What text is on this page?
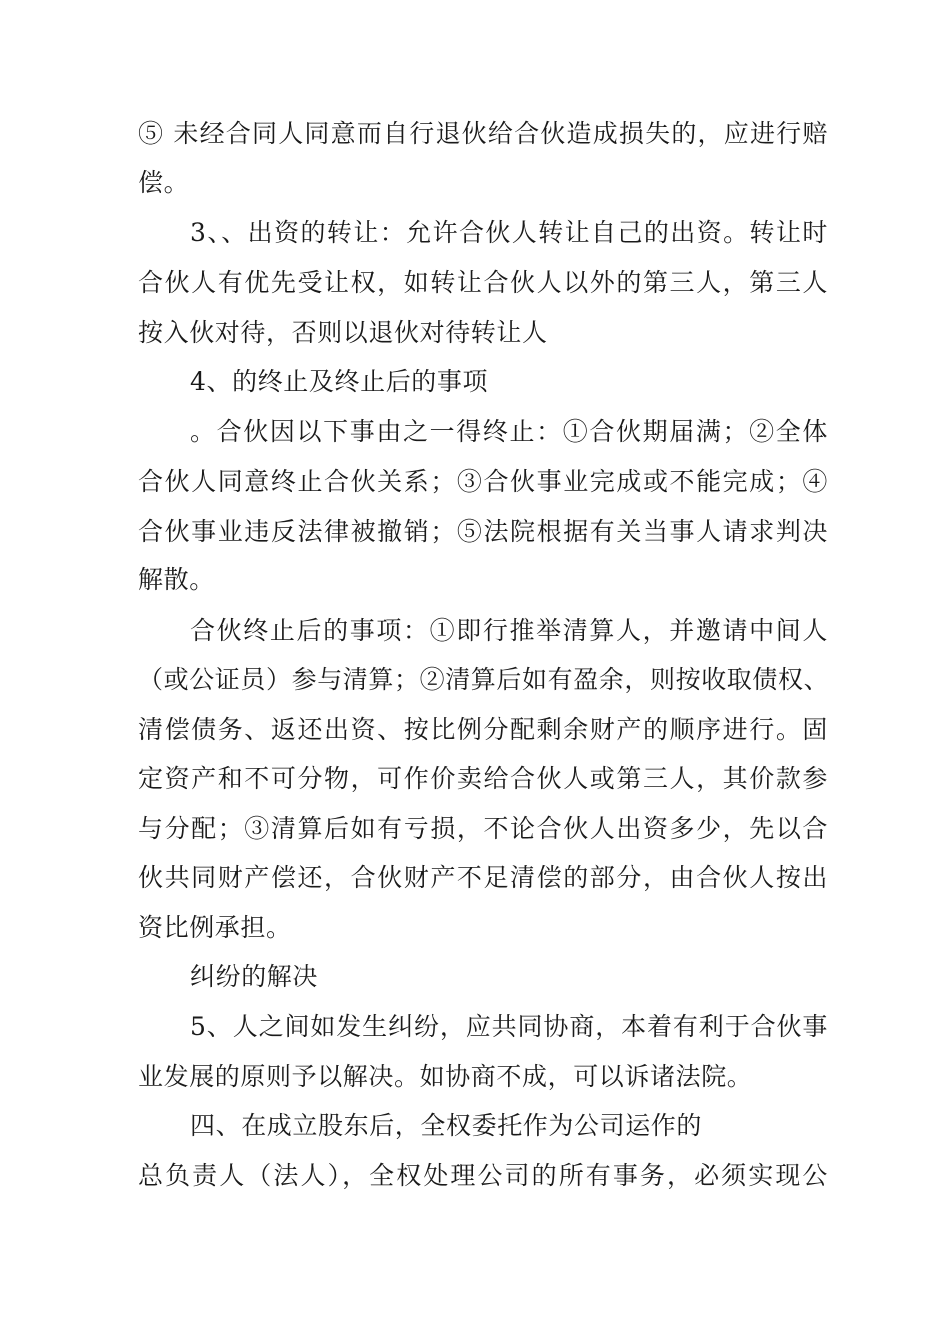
⑤ 未经合同人同意而自行退伙给合伙造成损失的，应进行赔
偿。
3、、出资的转让：允许合伙人转让自己的出资。转让时
合伙人有优先受让权，如转让合伙人以外的第三人，第三人
按入伙对待，否则以退伙对待转让人
4、的终止及终止后的事项
。合伙因以下事由之一得终止：①合伙期届满；②全体
合伙人同意终止合伙关系；③合伙事业完成或不能完成；④
合伙事业违反法律被撤销；⑤法院根据有关当事人请求判决
解散。
合伙终止后的事项：①即行推举清算人，并邀请中间人
（或公证员）参与清算；②清算后如有盈余，则按收取债权、
清偿债务、返还出资、按比例分配剩余财产的顺序进行。固
定资产和不可分物，可作价卖给合伙人或第三人，其价款参
与分配；③清算后如有亏损，不论合伙人出资多少，先以合
伙共同财产偿还，合伙财产不足清偿的部分，由合伙人按出
资比例承担。
纠纷的解决
5、人之间如发生纠纷，应共同协商，本着有利于合伙事
业发展的原则予以解决。如协商不成，可以诉诸法院。
四、在成立股东后，全权委托作为公司运作的
总负责人（法人），全权处理公司的所有事务，必须实现公
